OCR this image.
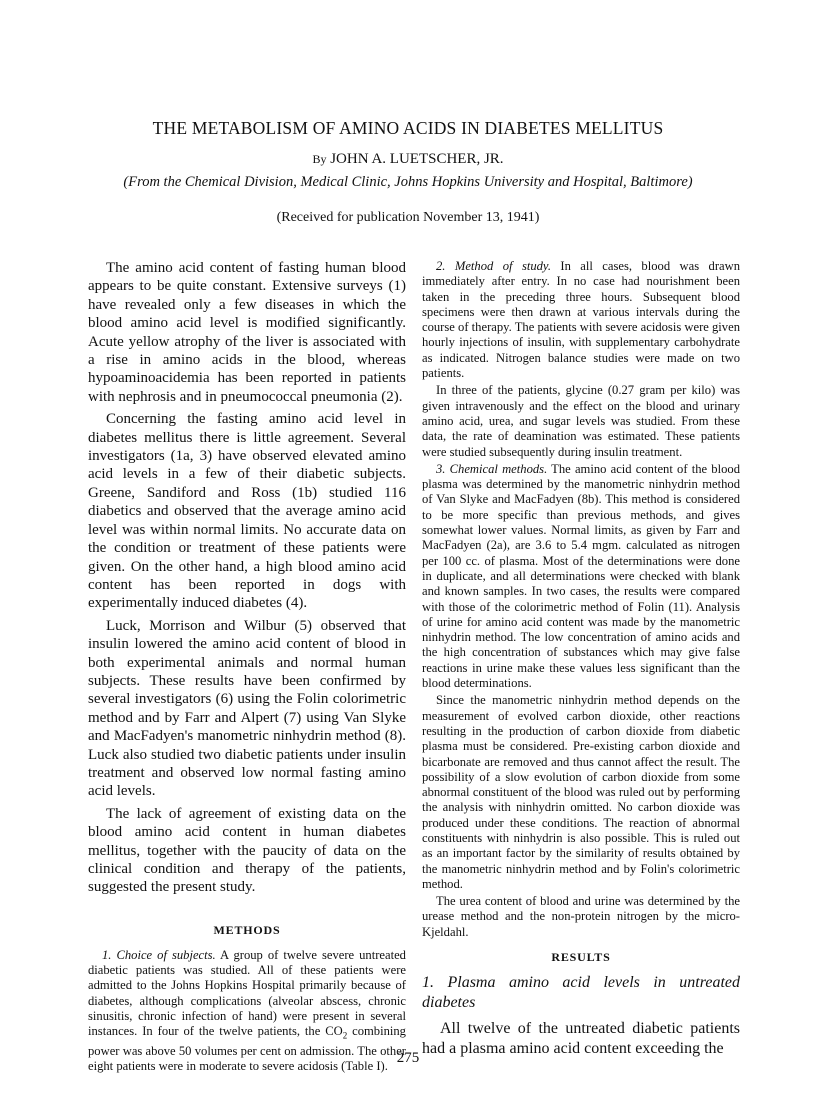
THE METABOLISM OF AMINO ACIDS IN DIABETES MELLITUS
By JOHN A. LUETSCHER, JR.
(From the Chemical Division, Medical Clinic, Johns Hopkins University and Hospital, Baltimore)
(Received for publication November 13, 1941)

The amino acid content of fasting human blood appears to be quite constant. Extensive surveys (1) have revealed only a few diseases in which the blood amino acid level is modified significantly. Acute yellow atrophy of the liver is associated with a rise in amino acids in the blood, whereas hypoaminoacidemia has been reported in patients with nephrosis and in pneumococcal pneumonia (2).

Concerning the fasting amino acid level in diabetes mellitus there is little agreement. Several investigators (1a, 3) have observed elevated amino acid levels in a few of their diabetic subjects. Greene, Sandiford and Ross (1b) studied 116 diabetics and observed that the average amino acid level was within normal limits. No accurate data on the condition or treatment of these patients were given. On the other hand, a high blood amino acid content has been reported in dogs with experimentally induced diabetes (4).

Luck, Morrison and Wilbur (5) observed that insulin lowered the amino acid content of blood in both experimental animals and normal human subjects. These results have been confirmed by several investigators (6) using the Folin colorimetric method and by Farr and Alpert (7) using Van Slyke and MacFadyen's manometric ninhydrin method (8). Luck also studied two diabetic patients under insulin treatment and observed low normal fasting amino acid levels.

The lack of agreement of existing data on the blood amino acid content in human diabetes mellitus, together with the paucity of data on the clinical condition and therapy of the patients, suggested the present study.

METHODS

1. Choice of subjects. A group of twelve severe untreated diabetic patients was studied. All of these patients were admitted to the Johns Hopkins Hospital primarily because of diabetes, although complications (alveolar abscess, chronic sinusitis, chronic infection of hand) were present in several instances. In four of the twelve patients, the $CO_2$ combining power was above 50 volumes per cent on admission. The other eight patients were in moderate to severe acidosis (Table I).

2. Method of study. In all cases, blood was drawn immediately after entry. In no case had nourishment been taken in the preceding three hours. Subsequent blood specimens were then drawn at various intervals during the course of therapy. The patients with severe acidosis were given hourly injections of insulin, with supplementary carbohydrate as indicated. Nitrogen balance studies were made on two patients.

In three of the patients, glycine (0.27 gram per kilo) was given intravenously and the effect on the blood and urinary amino acid, urea, and sugar levels was studied. From these data, the rate of deamination was estimated. These patients were studied subsequently during insulin treatment.

3. Chemical methods. The amino acid content of the blood plasma was determined by the manometric ninhydrin method of Van Slyke and MacFadyen (8b). This method is considered to be more specific than previous methods, and gives somewhat lower values. Normal limits, as given by Farr and MacFadyen (2a), are 3.6 to 5.4 mgm. calculated as nitrogen per 100 cc. of plasma. Most of the determinations were done in duplicate, and all determinations were checked with blank and known samples. In two cases, the results were compared with those of the colorimetric method of Folin (11). Analysis of urine for amino acid content was made by the manometric ninhydrin method. The low concentration of amino acids and the high concentration of substances which may give false reactions in urine make these values less significant than the blood determinations.

Since the manometric ninhydrin method depends on the measurement of evolved carbon dioxide, other reactions resulting in the production of carbon dioxide from diabetic plasma must be considered. Pre-existing carbon dioxide and bicarbonate are removed and thus cannot affect the result. The possibility of a slow evolution of carbon dioxide from some abnormal constituent of the blood was ruled out by performing the analysis with ninhydrin omitted. No carbon dioxide was produced under these conditions. The reaction of abnormal constituents with ninhydrin is also possible. This is ruled out as an important factor by the similarity of results obtained by the manometric ninhydrin method and by Folin's colorimetric method.

The urea content of blood and urine was determined by the urease method and the non-protein nitrogen by the micro-Kjeldahl.

RESULTS
1. Plasma amino acid levels in untreated diabetes

All twelve of the untreated diabetic patients had a plasma amino acid content exceeding the

275
